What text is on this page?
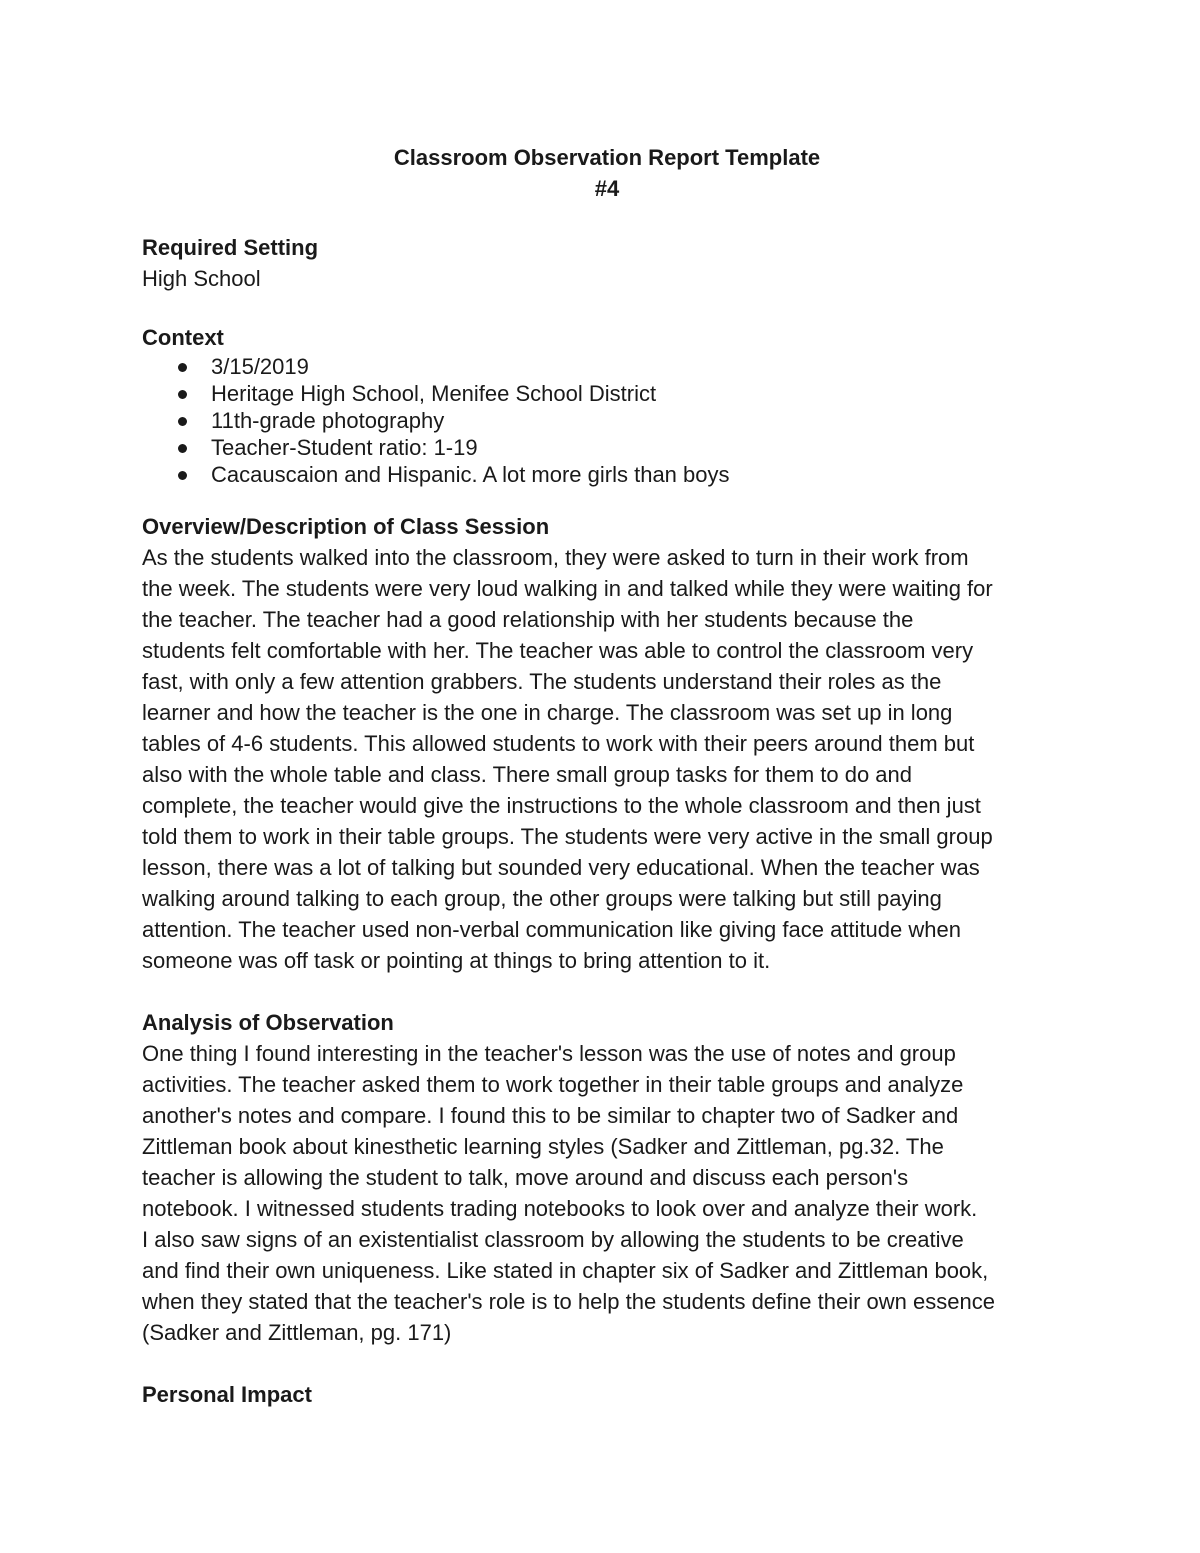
Classroom Observation Report Template

#4

Required Setting

High School

Context

3/15/2019
Heritage High School, Menifee School District
11th-grade photography
Teacher-Student ratio: 1-19
Cacauscaion and Hispanic. A lot more girls than boys

Overview/Description of Class Session

As the students walked into the classroom, they were asked to turn in their work from

the week. The students were very loud walking in and talked while they were waiting for

the teacher. The teacher had a good relationship with her students because the

students felt comfortable with her. The teacher was able to control the classroom very

fast, with only a few attention grabbers. The students understand their roles as the

learner and how the teacher is the one in charge. The classroom was set up in long

tables of 4-6 students. This allowed students to work with their peers around them but

also with the whole table and class. There small group tasks for them to do and

complete, the teacher would give the instructions to the whole classroom and then just

told them to work in their table groups. The students were very active in the small group

lesson, there was a lot of talking but sounded very educational. When the teacher was

walking around talking to each group, the other groups were talking but still paying

attention. The teacher used non-verbal communication like giving face attitude when

someone was off task or pointing at things to bring attention to it.

Analysis of Observation

One thing I found interesting in the teacher's lesson was the use of notes and group

activities. The teacher asked them to work together in their table groups and analyze

another's notes and compare. I found this to be similar to chapter two of Sadker and

Zittleman book about kinesthetic learning styles (Sadker and Zittleman, pg.32. The

teacher is allowing the student to talk, move around and discuss each person's

notebook. I witnessed students trading notebooks to look over and analyze their work.

I also saw signs of an existentialist classroom by allowing the students to be creative

and find their own uniqueness. Like stated in chapter six of Sadker and Zittleman book,

when they stated that the teacher's role is to help the students define their own essence

(Sadker and Zittleman, pg. 171)

Personal Impact
